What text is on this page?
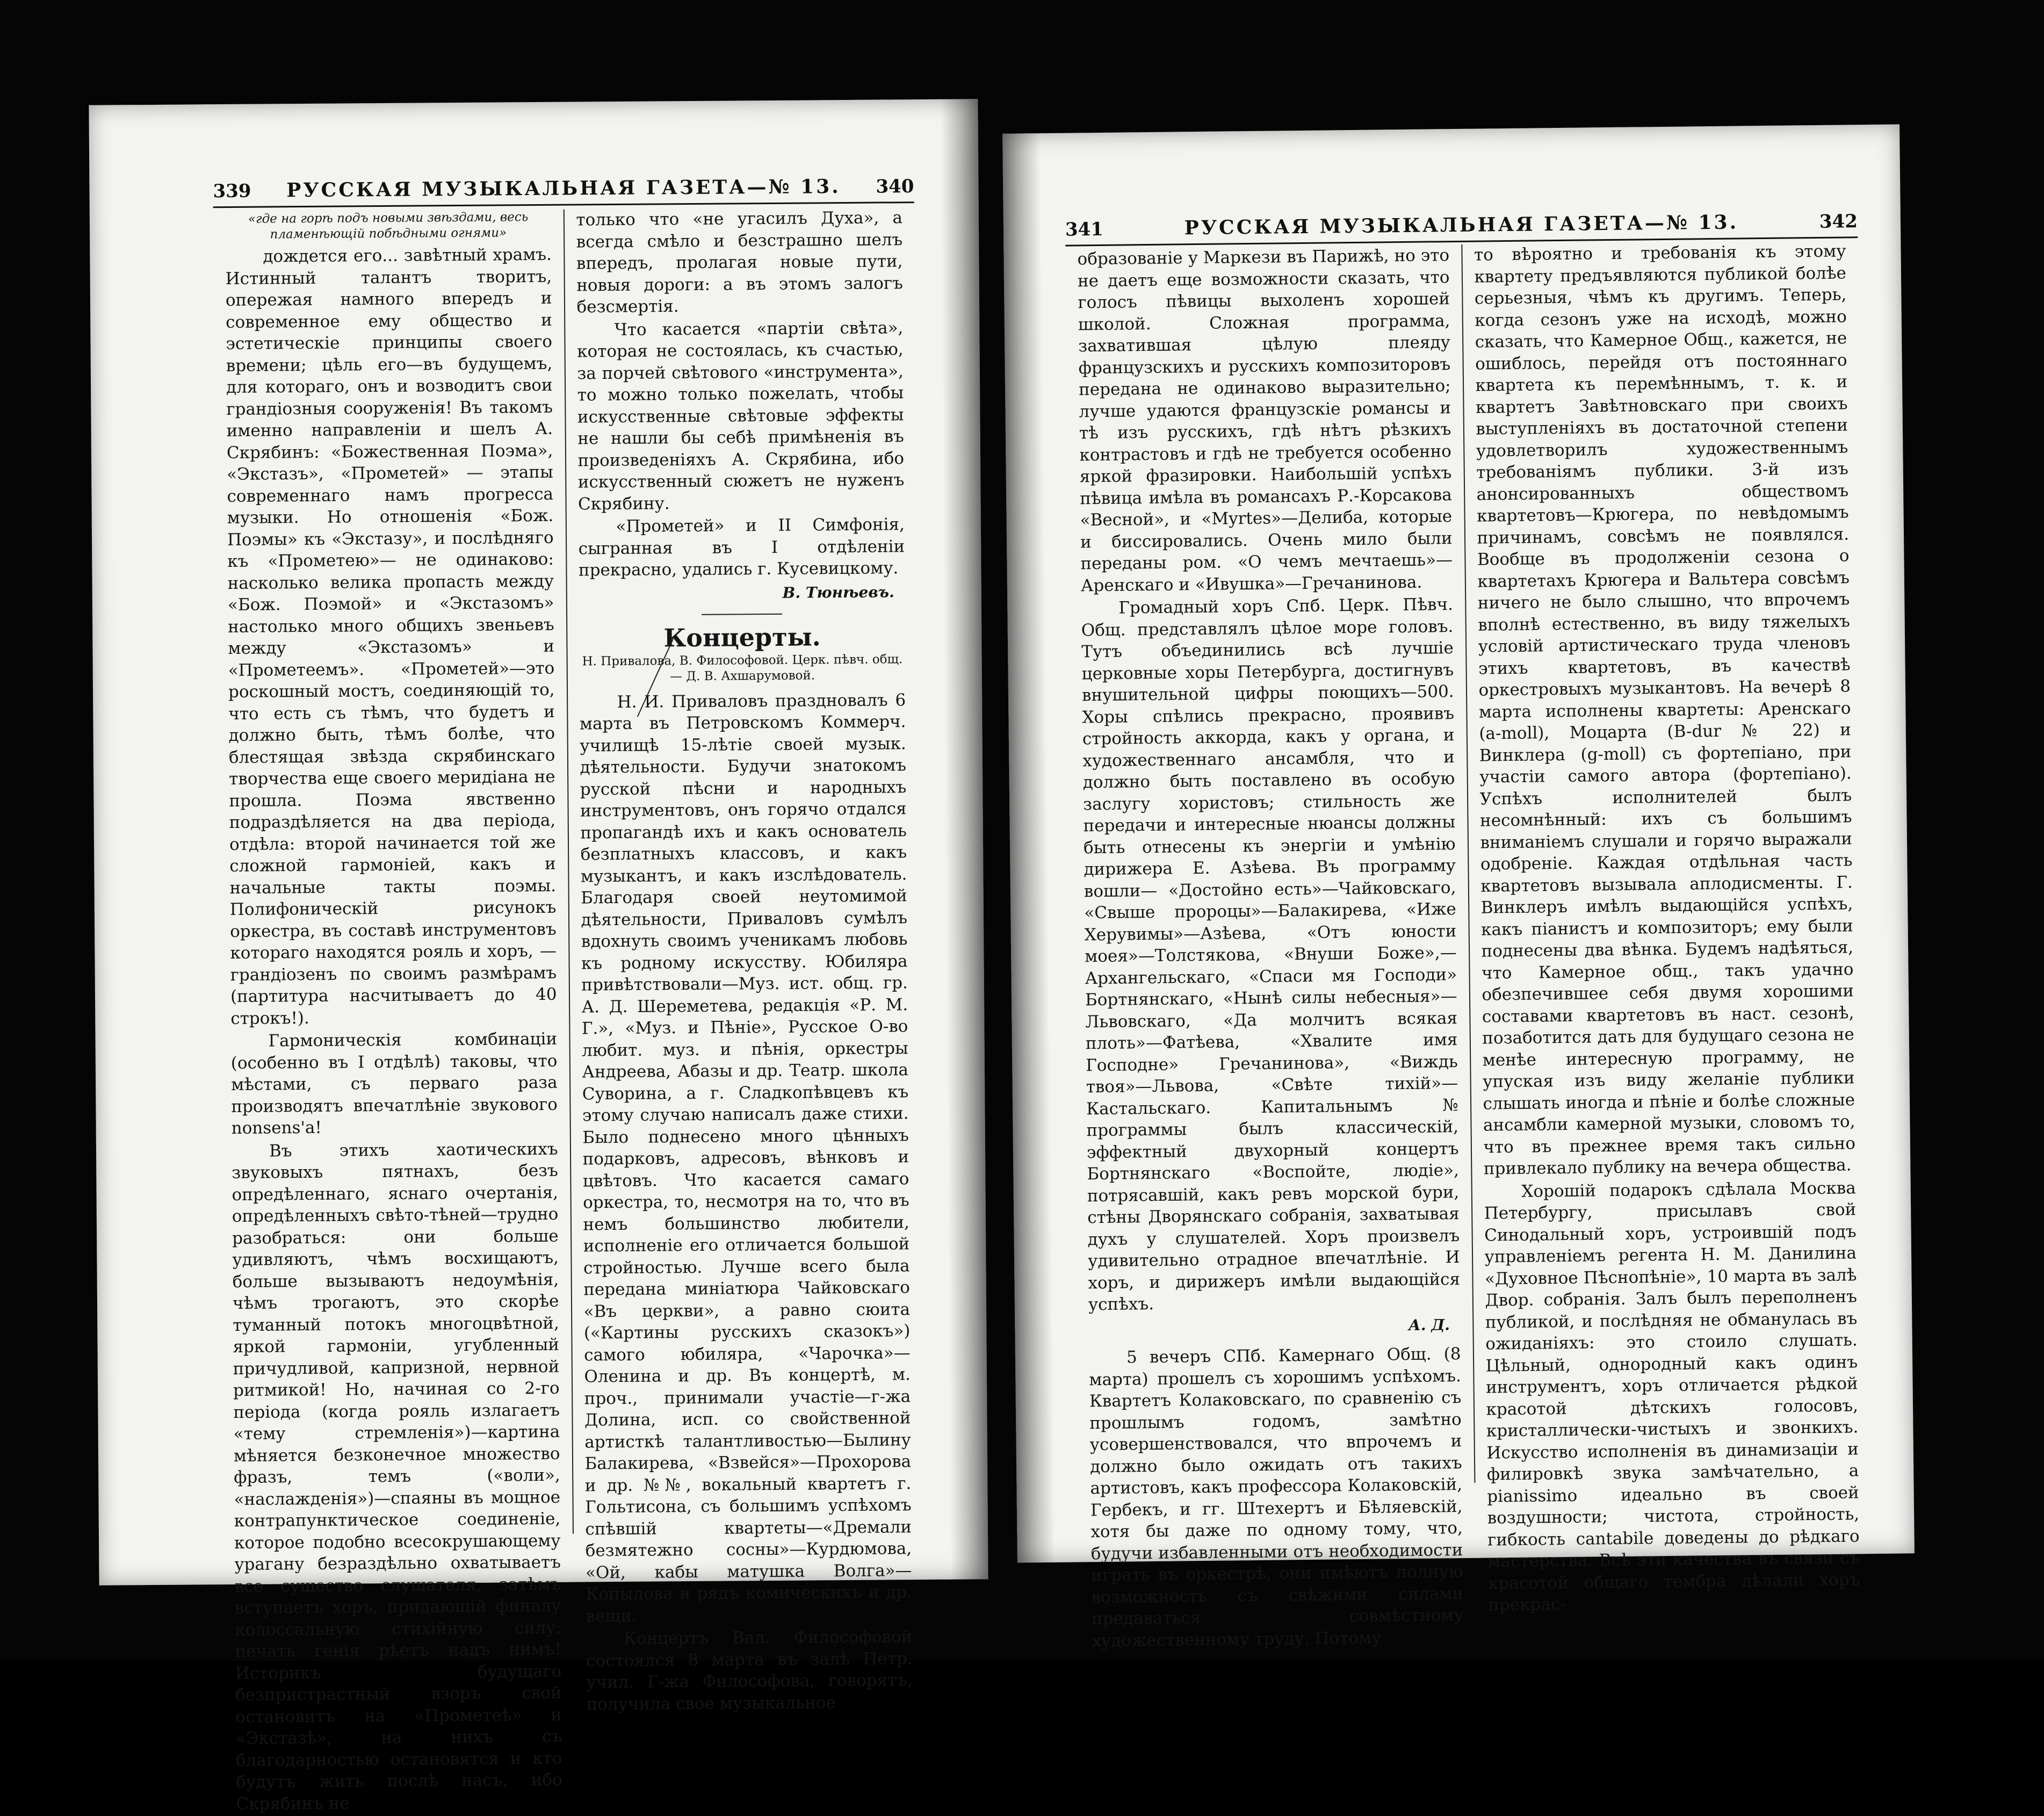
339 РУССКАЯ МУЗЫКАЛЬНАЯ ГАЗЕТА—№ 13. 340

«где на горѣ подъ новыми звѣздами, весь пламенѣющій побѣдными огнями»

дождется его... завѣтный храмъ. Истинный талантъ творитъ, опережая намного впередъ и современное ему общество и эстетическіе принципы своего времени; цѣль его—въ будущемъ, для котораго, онъ и возводитъ свои грандіозныя сооруженія! Въ такомъ именно направленіи и шелъ А. Скрябинъ: «Божественная Поэма», «Экстазъ», «Прометей» — этапы современнаго намъ прогресса музыки. Но отношенія «Бож. Поэмы» къ «Экстазу», и послѣдняго къ «Прометею»— не одинаково: насколько велика пропасть между «Бож. Поэмой» и «Экстазомъ» настолько много общихъ звеньевъ между «Экстазомъ» и «Прометеемъ». «Прометей»—это роскошный мостъ, соединяющій то, что есть съ тѣмъ, что будетъ и должно быть, тѣмъ болѣе, что блестящая звѣзда скрябинскаго творчества еще своего меридіана не прошла. Поэма явственно подраздѣляется на два періода, отдѣла: второй начинается той же сложной гармоніей, какъ и начальные такты поэмы. Полифоническій рисунокъ оркестра, въ составѣ инструментовъ котораго находятся рояль и хоръ, — грандіозенъ по своимъ размѣрамъ (партитура насчитываетъ до 40 строкъ!).

Гармоническія комбинаціи (особенно въ I отдѣлѣ) таковы, что мѣстами, съ перваго раза производятъ впечатлѣніе звукового nonsens'a!

Въ этихъ хаотическихъ звуковыхъ пятнахъ, безъ опредѣленнаго, яснаго очертанія, опредѣленныхъ свѣто-тѣней—трудно разобраться: они больше удивляютъ, чѣмъ восхищаютъ, больше вызываютъ недоумѣнія, чѣмъ трогаютъ, это скорѣе туманный потокъ многоцвѣтной, яркой гармоніи, угубленный причудливой, капризной, нервной ритмикой! Но, начиная со 2-го періода (когда рояль излагаетъ «тему стремленія»)—картина мѣняется безконечное множество фразъ, темъ («воли», «наслажденія»)—спаяны въ мощное контрапунктическое соединеніе, которое подобно всесокрушающему урагану безраздѣльно охватываетъ все существо слушателя, затѣмъ вступаетъ хоръ, придающій финалу колоссальную стихійную силу: печать генія рѣетъ надъ нимъ! Историкъ будущаго безпристрастный взоръ свой остановитъ на «Прометеѣ» и «Экстазѣ», на нихъ съ благодарностью остановятся и кто будутъ жить послѣ насъ, ибо Скрябинъ не

только что «не угасилъ Духа», а всегда смѣло и безстрашно шелъ впередъ, пролагая новые пути, новыя дороги: а въ этомъ залогъ безсмертія.

Что касается «партіи свѣта», которая не состоялась, къ счастью, за порчей свѣтового «инструмента», то можно только пожелать, чтобы искусственные свѣтовые эффекты не нашли бы себѣ примѣненія въ произведеніяхъ А. Скрябина, ибо искусственный сюжетъ не нуженъ Скрябину.

«Прометей» и II Симфонія, сыгранная въ I отдѣленіи прекрасно, удались г. Кусевицкому.

В. Тюнѣевъ.
Концерты.
Н. Привалова, В. Философовой. Церк. пѣвч. общ.— Д. В. Ахшарумовой.

Н. И. Приваловъ праздновалъ 6 марта въ Петровскомъ Коммерч. училищѣ 15-лѣтіе своей музык. дѣятельности. Будучи знатокомъ русской пѣсни и народныхъ инструментовъ, онъ горячо отдался пропагандѣ ихъ и какъ основатель безплатныхъ классовъ, и какъ музыкантъ, и какъ изслѣдователь. Благодаря своей неутомимой дѣятельности, Приваловъ сумѣлъ вдохнуть своимъ ученикамъ любовь къ родному искусству. Юбиляра привѣтствовали—Муз. ист. общ. гр. А. Д. Шереметева, редакція «Р. М. Г.», «Муз. и Пѣніе», Русское О-во любит. муз. и пѣнія, оркестры Андреева, Абазы и др. Театр. школа Суворина, а г. Сладкопѣвцевъ къ этому случаю написалъ даже стихи. Было поднесено много цѣнныхъ подарковъ, адресовъ, вѣнковъ и цвѣтовъ. Что касается самаго оркестра, то, несмотря на то, что въ немъ большинство любители, исполненіе его отличается большой стройностью. Лучше всего была передана миніатюра Чайковскаго «Въ церкви», а равно сюита («Картины русскихъ сказокъ») самого юбиляра, «Чарочка»—Оленина и др. Въ концертѣ, м. проч., принимали участіе—г-жа Долина, исп. со свойственной артисткѣ талантливостью—Былину Балакирева, «Взвейся»—Прохорова и др. №№, вокальный квартетъ г. Гольтисона, съ большимъ успѣхомъ спѣвшій квартеты—«Дремали безмятежно сосны»—Курдюмова, «Ой, кабы матушка Волга»—Копылова и рядъ комическихъ и др. вещи.

Концертъ Вал. Философовой состоялся 8 марта въ залѣ Петр. учил. Г-жа Философова, говорятъ, получила свое музыкальное

341	РУССКАЯ МУЗЫКАЛЬНАЯ ГАЗЕТА—№ 13.	342

образованіе у Маркези въ Парижѣ, но это не даетъ еще возможности сказать, что голосъ пѣвицы выхоленъ хорошей школой. Сложная программа, захватившая цѣлую плеяду французскихъ и русскихъ композиторовъ передана не одинаково выразительно; лучше удаются французскіе романсы и тѣ изъ русскихъ, гдѣ нѣтъ рѣзкихъ контрастовъ и гдѣ не требуется особенно яркой фразировки. Наибольшій успѣхъ пѣвица имѣла въ романсахъ Р.-Корсакова «Весной», и «Myrtes»—Делиба, которые и биссировались. Очень мило были переданы ром. «О чемъ мечтаешь»—Аренскаго и «Ивушка»—Гречанинова.

Громадный хоръ Спб. Церк. Пѣвч. Общ. представлялъ цѣлое море головъ. Тутъ объединились всѣ лучшіе церковные хоры Петербурга, достигнувъ внушительной цифры поющихъ—500. Хоры спѣлись прекрасно, проявивъ стройность аккорда, какъ у органа, и художественнаго ансамбля, что и должно быть поставлено въ особую заслугу хористовъ; стильность же передачи и интересные нюансы должны быть отнесены къ энергіи и умѣнію дирижера Е. Азѣева. Въ программу вошли— «Достойно есть»—Чайковскаго, «Свыше пророцы»—Балакирева, «Иже Херувимы»—Азѣева, «Отъ юности моея»—Толстякова, «Внуши Боже»,—Архангельскаго, «Спаси мя Господи» Бортнянскаго, «Нынѣ силы небесныя»—Львовскаго, «Да молчитъ всякая плоть»—Фатѣева, «Хвалите имя Господне» Гречанинова», «Виждь твоя»—Львова, «Свѣте тихій»—Кастальскаго. Капитальнымъ № программы былъ классическій, эффектный двухорный концертъ Бортнянскаго «Воспойте, людіе», потрясавшій, какъ ревъ морской бури, стѣны Дворянскаго собранія, захватывая духъ у слушателей. Хоръ произвелъ удивительно отрадное впечатлѣніе. И хоръ, и дирижеръ имѣли выдающійся успѣхъ.

А. Д.

5 вечеръ СПб. Камернаго Общ. (8 марта) прошелъ съ хорошимъ успѣхомъ. Квартетъ Колаковскаго, по сравненію съ прошлымъ годомъ, замѣтно усовершенствовался, что впрочемъ и должно было ожидать отъ такихъ артистовъ, какъ профессора Колаковскій, Гербекъ, и гг. Штехертъ и Бѣляевскій, хотя бы даже по одному тому, что, будучи избавленными отъ необходимости играть въ оркестрѣ, они имѣютъ полную возможность съ свѣжими силами предаваться совмѣстному художественному труду. Потому

то вѣроятно и требованія къ этому квартету предъявляются публикой болѣе серьезныя, чѣмъ къ другимъ. Теперь, когда сезонъ уже на исходѣ, можно сказать, что Камерное Общ., кажется, не ошиблось, перейдя отъ постояннаго квартета къ перемѣннымъ, т. к. и квартетъ Завѣтновскаго при своихъ выступленіяхъ въ достаточной степени удовлетворилъ художественнымъ требованіямъ публики. 3-й изъ анонсированныхъ обществомъ квартетовъ—Крюгера, по невѣдомымъ причинамъ, совсѣмъ не появлялся. Вообще въ продолженіи сезона о квартетахъ Крюгера и Вальтера совсѣмъ ничего не было слышно, что впрочемъ вполнѣ естественно, въ виду тяжелыхъ условій артистическаго труда членовъ этихъ квартетовъ, въ качествѣ оркестровыхъ музыкантовъ. На вечерѣ 8 марта исполнены квартеты: Аренскаго (a-moll), Моцарта (B-dur № 22) и Винклера (g-moll) съ фортепіано, при участіи самого автора (фортепіано). Успѣхъ исполнителей былъ несомнѣнный: ихъ съ большимъ вниманіемъ слушали и горячо выражали одобреніе. Каждая отдѣльная часть квартетовъ вызывала аплодисменты. Г. Винклеръ имѣлъ выдающійся успѣхъ, какъ піанистъ и композиторъ; ему были поднесены два вѣнка. Будемъ надѣяться, что Камерное общ., такъ удачно обезпечившее себя двумя хорошими составами квартетовъ въ наст. сезонѣ, позаботится дать для будущаго сезона не менѣе интересную программу, не упуская изъ виду желаніе публики слышать иногда и пѣніе и болѣе сложные ансамбли камерной музыки, словомъ то, что въ прежнее время такъ сильно привлекало публику на вечера общества.

Хорошій подарокъ сдѣлала Москва Петербургу, присылавъ свой Синодальный хоръ, устроившій подъ управленіемъ регента Н. М. Данилина «Духовное Пѣснопѣніе», 10 марта въ залѣ Двор. собранія. Залъ былъ переполненъ публикой, и послѣдняя не обманулась въ ожиданіяхъ: это стоило слушать. Цѣльный, однородный какъ одинъ инструментъ, хоръ отличается рѣдкой красотой дѣтскихъ голосовъ, кристаллически-чистыхъ и звонкихъ. Искусство исполненія въ динамизаціи и филировкѣ звука замѣчательно, а pianissimo идеально въ своей воздушности; чистота, стройность, гибкость cantabile доведены до рѣдкаго мастерства. Всѣ эти качества въ связи съ красотой общаго тембра дѣлали хоръ прекрас-
